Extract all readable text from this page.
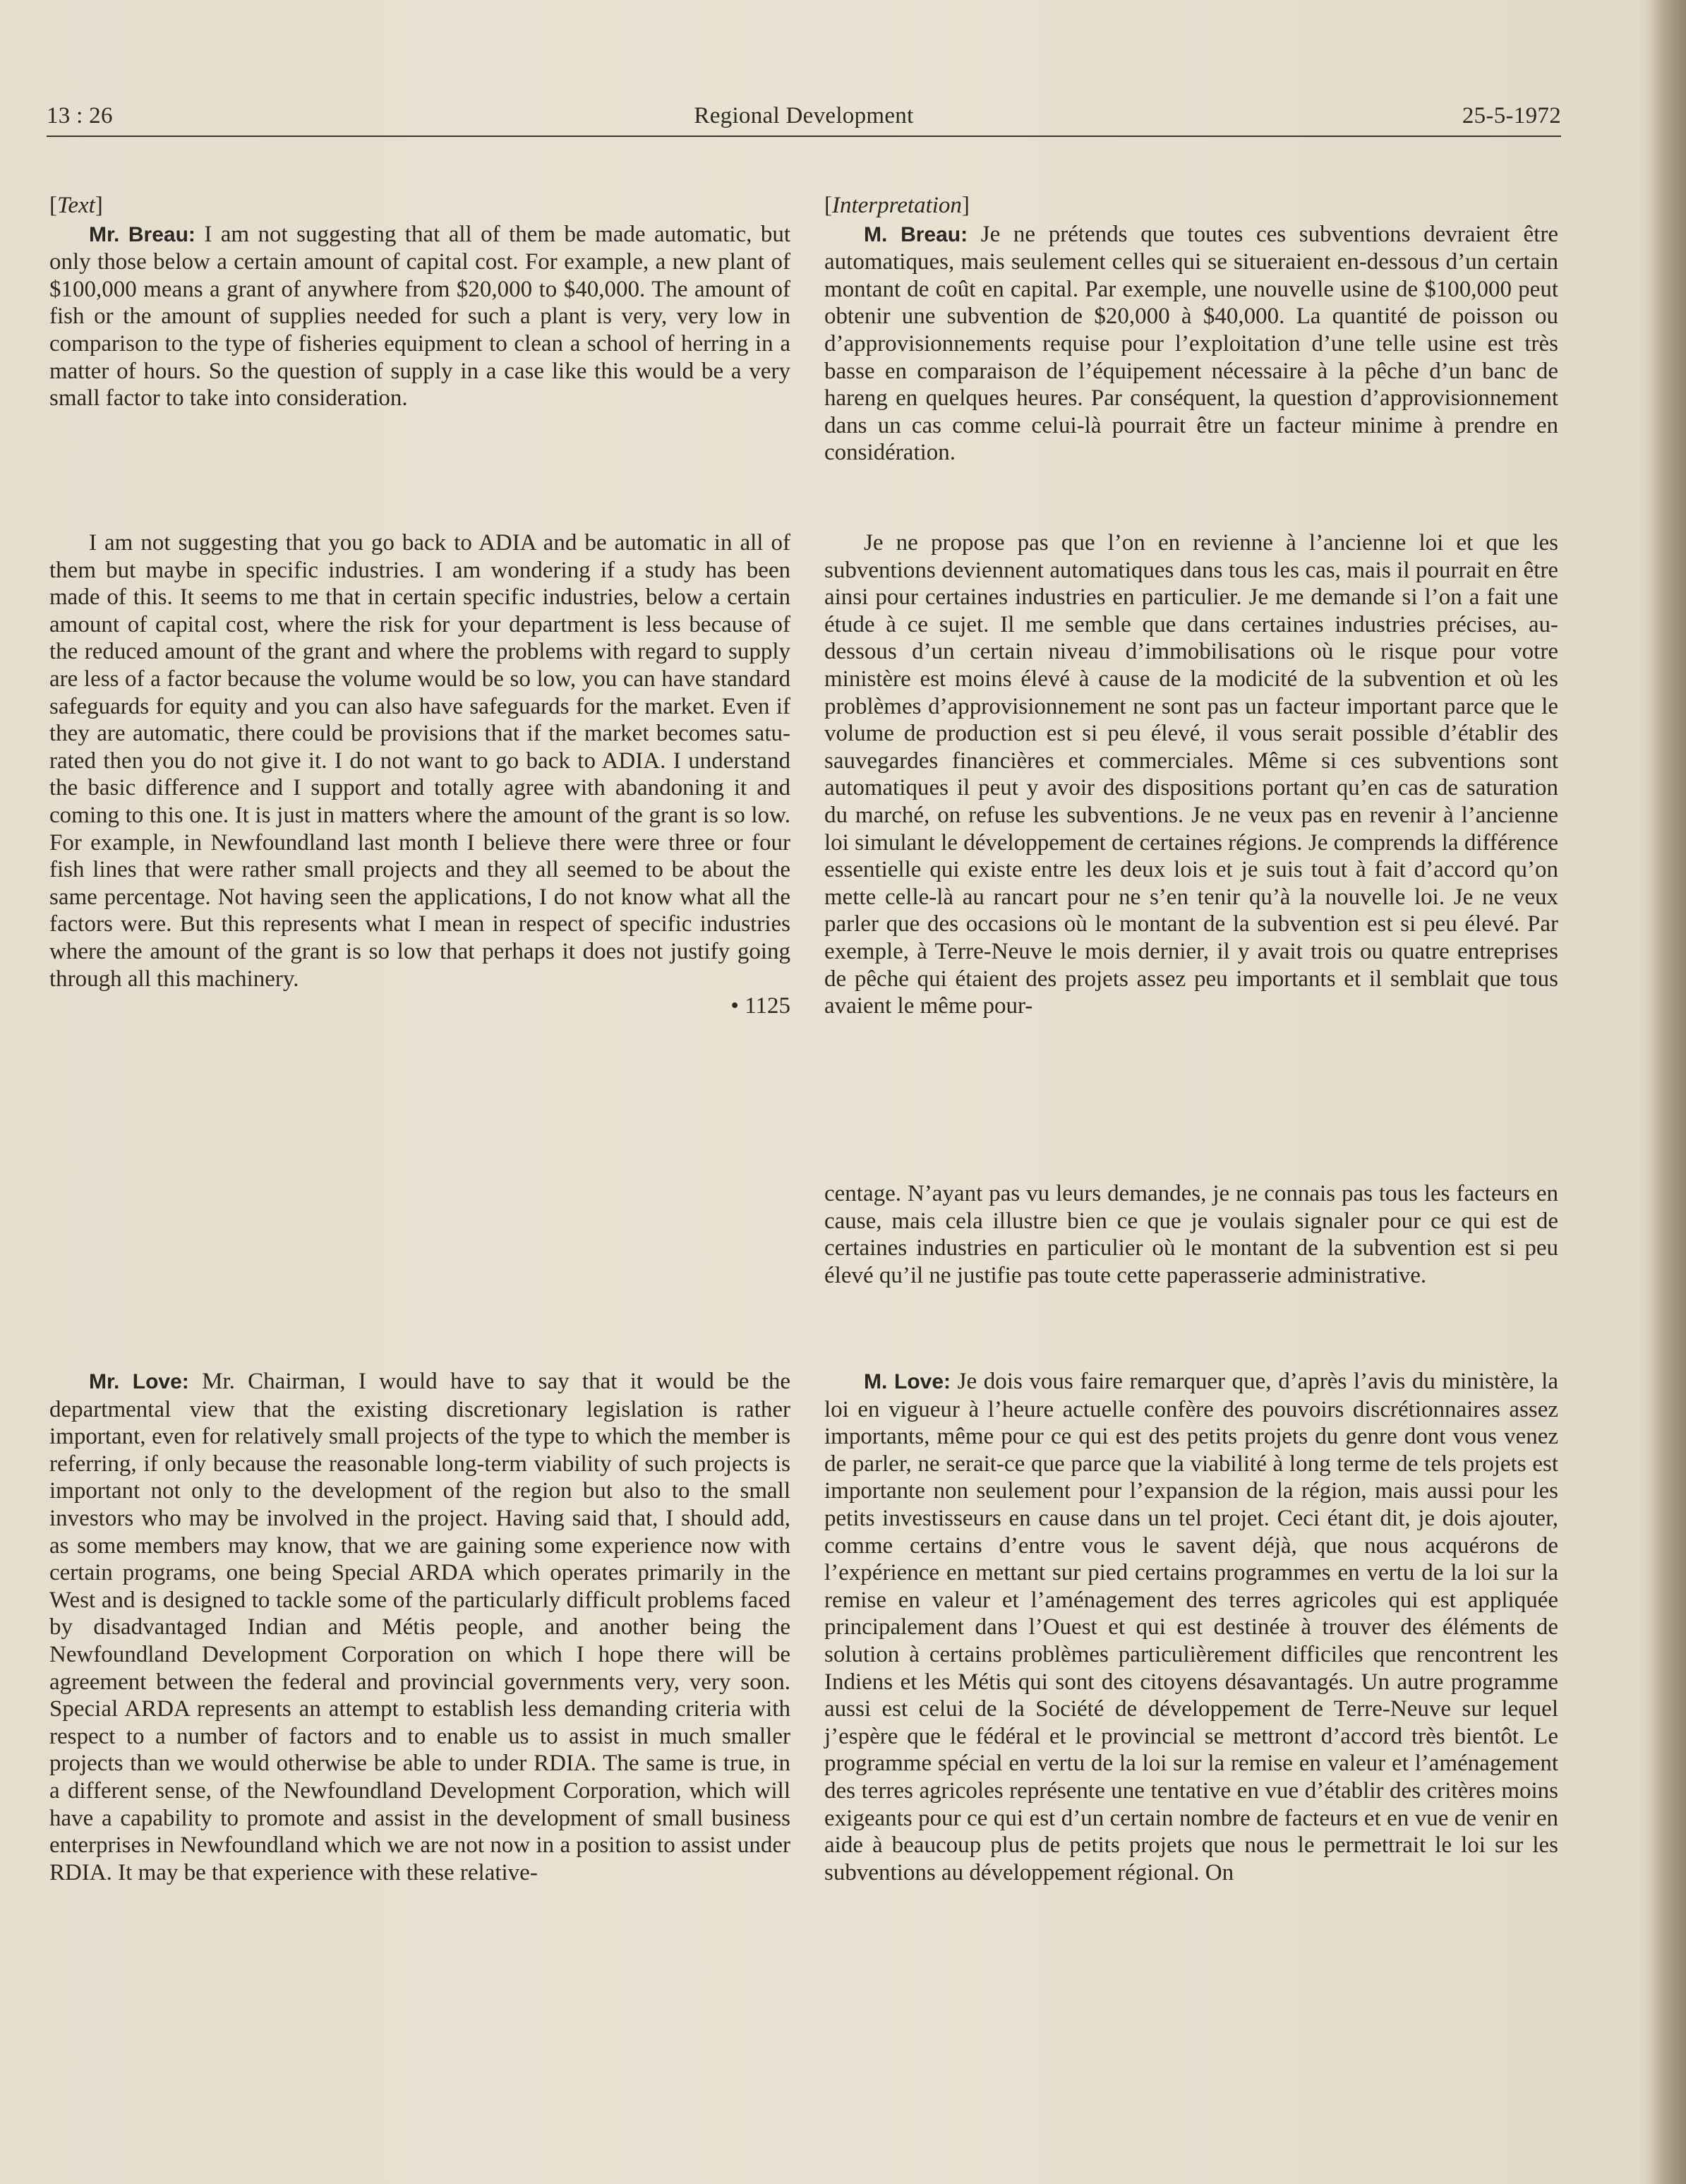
13 : 26	Regional Development	25-5-1972
[Text]

Mr. Breau: I am not suggesting that all of them be made automatic, but only those below a certain amount of capital cost. For example, a new plant of $100,000 means a grant of anywhere from $20,000 to $40,000. The amount of fish or the amount of supplies needed for such a plant is very, very low in comparison to the type of fisheries equipment to clean a school of herring in a matter of hours. So the question of supply in a case like this would be a very small factor to take into consideration.

I am not suggesting that you go back to ADIA and be automatic in all of them but maybe in specific industries. I am wondering if a study has been made of this. It seems to me that in certain specific industries, below a certain amount of capital cost, where the risk for your department is less because of the reduced amount of the grant and where the problems with regard to supply are less of a factor because the volume would be so low, you can have standard safeguards for equity and you can also have safeguards for the market. Even if they are automatic, there could be provisions that if the market becomes saturated then you do not give it. I do not want to go back to ADIA. I understand the basic difference and I support and totally agree with abandoning it and coming to this one. It is just in matters where the amount of the grant is so low. For example, in Newfoundland last month I believe there were three or four fish lines that were rather small projects and they all seemed to be about the same percentage. Not having seen the applications, I do not know what all the factors were. But this represents what I mean in respect of specific industries where the amount of the grant is so low that perhaps it does not justify going through all this machinery.

• 1125

Mr. Love: Mr. Chairman, I would have to say that it would be the departmental view that the existing discretionary legislation is rather important, even for relatively small projects of the type to which the member is referring, if only because the reasonable long-term viability of such projects is important not only to the development of the region but also to the small investors who may be involved in the project. Having said that, I should add, as some members may know, that we are gaining some experience now with certain programs, one being Special ARDA which operates primarily in the West and is designed to tackle some of the particularly difficult problems faced by disadvantaged Indian and Métis people, and another being the Newfoundland Development Corporation on which I hope there will be agreement between the federal and provincial governments very, very soon. Special ARDA represents an attempt to establish less demanding criteria with respect to a number of factors and to enable us to assist in much smaller projects than we would otherwise be able to under RDIA. The same is true, in a different sense, of the Newfoundland Development Corporation, which will have a capability to promote and assist in the development of small business enterprises in Newfoundland which we are not now in a position to assist under RDIA. It may be that experience with these relative-

[Interpretation]

M. Breau: Je ne prétends que toutes ces subventions devraient être automatiques, mais seulement celles qui se situeraient en-dessous d’un certain montant de coût en capital. Par exemple, une nouvelle usine de $100,000 peut obtenir une subvention de $20,000 à $40,000. La quantité de poisson ou d’approvisionnements requise pour l’exploitation d’une telle usine est très basse en comparaison de l’équipement nécessaire à la pêche d’un banc de hareng en quelques heures. Par conséquent, la question d’approvisionnement dans un cas comme celui-là pourrait être un facteur minime à prendre en considération.

Je ne propose pas que l’on en revienne à l’ancienne loi et que les subventions deviennent automatiques dans tous les cas, mais il pourrait en être ainsi pour certaines industries en particulier. Je me demande si l’on a fait une étude à ce sujet. Il me semble que dans certaines industries précises, au-dessous d’un certain niveau d’immobilisations où le risque pour votre ministère est moins élevé à cause de la modicité de la subvention et où les problèmes d’approvisionnement ne sont pas un facteur important parce que le volume de production est si peu élevé, il vous serait possible d’établir des sauvegardes financières et commerciales. Même si ces subventions sont automatiques il peut y avoir des dispositions portant qu’en cas de saturation du marché, on refuse les subventions. Je ne veux pas en revenir à l’ancienne loi simulant le développement de certaines régions. Je comprends la différence essentielle qui existe entre les deux lois et je suis tout à fait d’accord qu’on mette celle-là au rancart pour ne s’en tenir qu’à la nouvelle loi. Je ne veux parler que des occasions où le montant de la subvention est si peu élevé. Par exemple, à Terre-Neuve le mois dernier, il y avait trois ou quatre entreprises de pêche qui étaient des projets assez peu importants et il semblait que tous avaient le même pour-

centage. N’ayant pas vu leurs demandes, je ne connais pas tous les facteurs en cause, mais cela illustre bien ce que je voulais signaler pour ce qui est de certaines industries en particulier où le montant de la subvention est si peu élevé qu’il ne justifie pas toute cette paperasserie administrative.

M. Love: Je dois vous faire remarquer que, d’après l’avis du ministère, la loi en vigueur à l’heure actuelle confère des pouvoirs discrétionnaires assez importants, même pour ce qui est des petits projets du genre dont vous venez de parler, ne serait-ce que parce que la viabilité à long terme de tels projets est importante non seulement pour l’expansion de la région, mais aussi pour les petits investisseurs en cause dans un tel projet. Ceci étant dit, je dois ajouter, comme certains d’entre vous le savent déjà, que nous acquérons de l’expérience en mettant sur pied certains programmes en vertu de la loi sur la remise en valeur et l’aménagement des terres agricoles qui est appliquée principalement dans l’Ouest et qui est destinée à trouver des éléments de solution à certains problèmes particulièrement difficiles que rencontrent les Indiens et les Métis qui sont des citoyens désavantagés. Un autre programme aussi est celui de la Société de développement de Terre-Neuve sur lequel j’espère que le fédéral et le provincial se mettront d’accord très bientôt. Le programme spécial en vertu de la loi sur la remise en valeur et l’aménagement des terres agricoles représente une tentative en vue d’établir des critères moins exigeants pour ce qui est d’un certain nombre de facteurs et en vue de venir en aide à beaucoup plus de petits projets que nous le permettrait le loi sur les subventions au développement régional. On
